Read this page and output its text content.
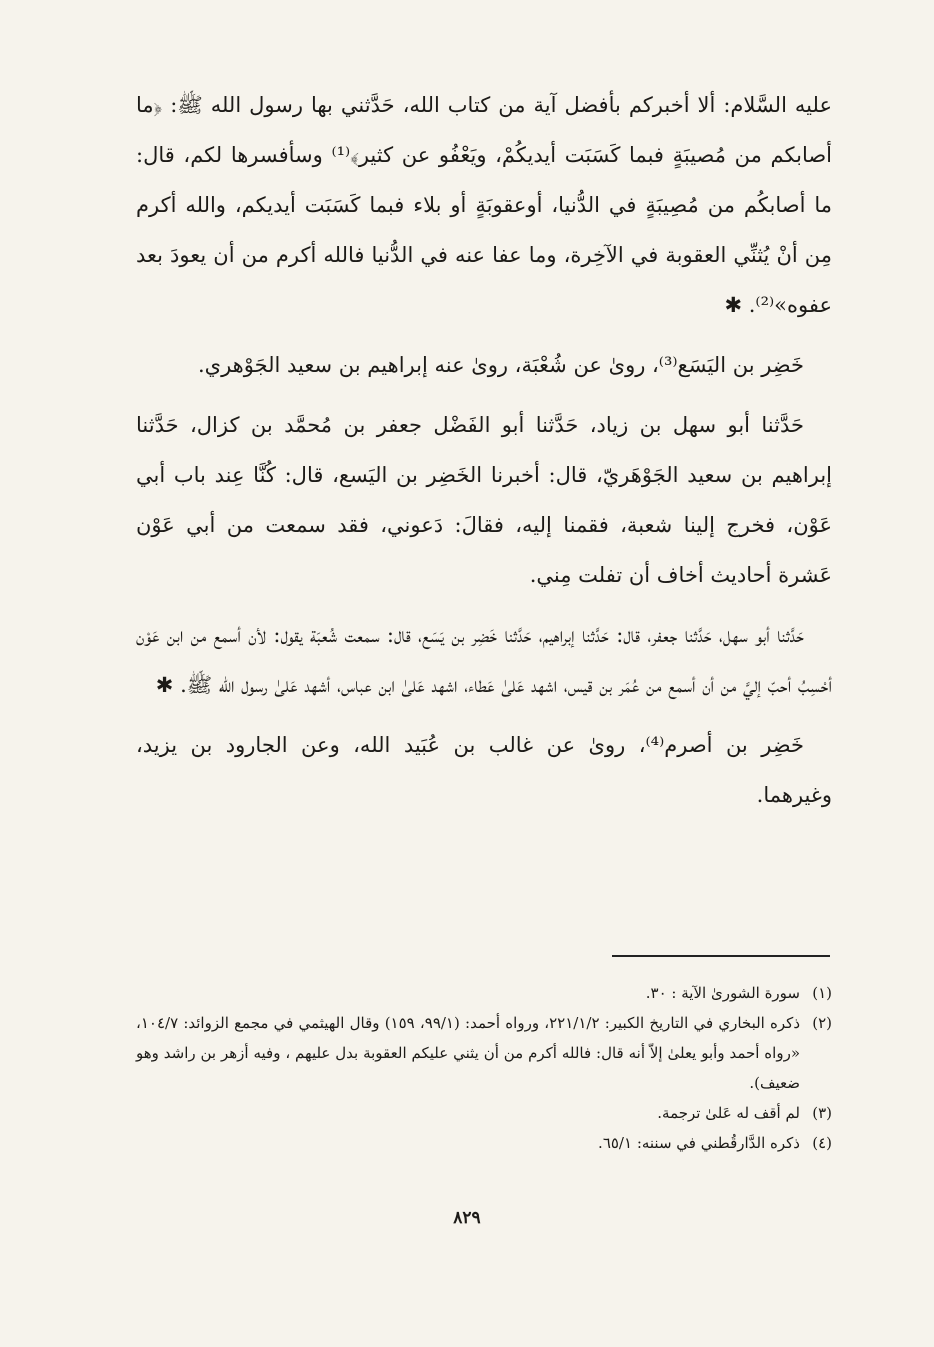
عليه السَّلام: ألا أخبركم بأفضل آية من كتاب الله، حَدَّثني بها رسول الله ﷺ: ﴿ما أصابكم من مُصيبَةٍ فبما كَسَبَت أيديكُمْ، ويَعْفُو عن كثير﴾⁽¹⁾ وسأفسرها لكم، قال: ما أصابكُم من مُصِيبَةٍ في الدُّنيا، أوعقوبَةٍ أو بلاء فبما كَسَبَت أيديكم، والله أكرم مِن أنْ يُثنِّي العقوبة في الآخِرة، وما عفا عنه في الدُّنيا فالله أكرم من أن يعودَ بعد عفوه»⁽²⁾. ✱

خَضِر بن اليَسَع⁽³⁾، روىٰ عن شُعْبَة، روىٰ عنه إبراهيم بن سعيد الجَوْهري.

حَدَّثنا أبو سهل بن زياد، حَدَّثنا أبو الفَضْل جعفر بن مُحمَّد بن كزال، حَدَّثنا إبراهيم بن سعيد الجَوْهَريّ، قال: أخبرنا الخَضِر بن اليَسع، قال: كُنَّا عِند باب أبي عَوْن، فخرج إلينا شعبة، فقمنا إليه، فقالَ: دَعوني، فقد سمعت من أبي عَوْن عَشرة أحاديث أخاف أن تفلت مِني.

حَدَّثنا أبو سهل، حَدَّثنا جعفر، قال: حَدَّثنا إبراهيم، حَدَّثنا خَضِر بن يَسَع، قال: سمعت شُعبَة يقول: لأن أسمع من ابن عَوْن أحْسِبُ أحبّ إليَّ من أن أسمع من عُمَر بن قيس، اشهد عَلىٰ عَطاء، اشهد عَلىٰ ابن عباس، أشهد عَلىٰ رسول الله ﷺ. ✱

خَضِر بن أصرم⁽⁴⁾، روىٰ عن غالب بن عُبَيد الله، وعن الجارود بن يزيد، وغيرهما.

(١)
سورة الشورىٰ الآية : ٣٠.
(٢)
ذكره البخاري في التاريخ الكبير: ٢٢١/١/٢، ورواه أحمد: (٩٩/١، ١٥٩) وقال الهيثمي في مجمع الزوائد: ١٠٤/٧، «رواه أحمد وأبو يعلىٰ إلاّ أنه قال: فالله أكرم من أن يثني عليكم العقوبة بدل عليهم ، وفيه أزهر بن راشد وهو ضعيف).
(٣)
لم أقف له عَلىٰ ترجمة.
(٤)
ذكره الدَّارقُطني في سننه: ٦٥/١.
٨٢٩
